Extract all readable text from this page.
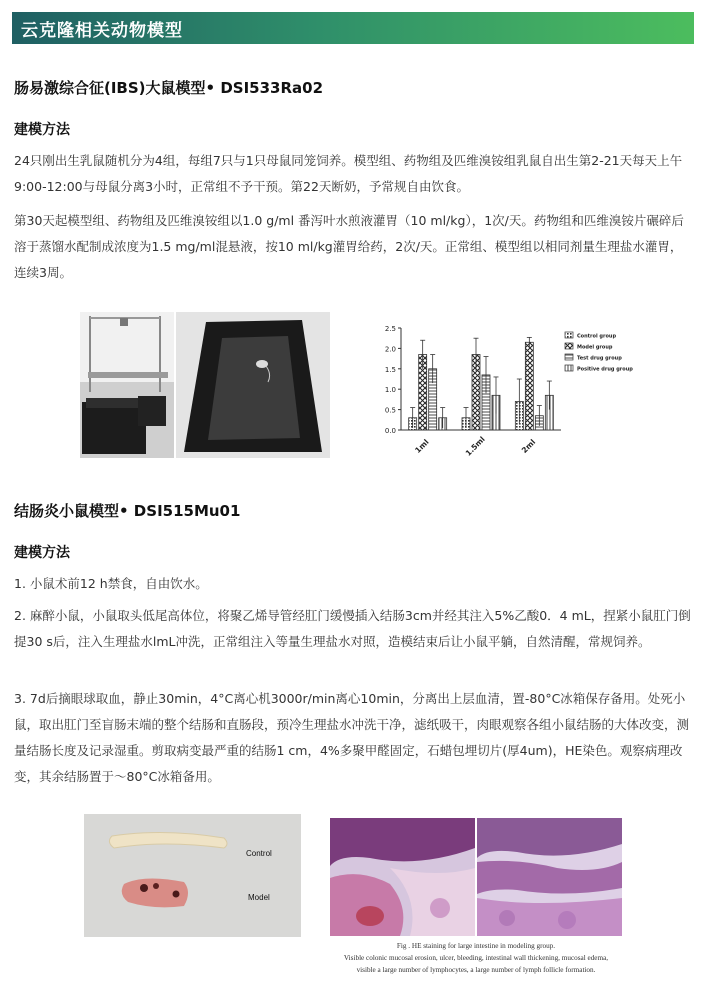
云克隆相关动物模型
肠易激综合征(IBS)大鼠模型• DSI533Ra02
建模方法

24只刚出生乳鼠随机分为4组，每组7只与1只母鼠同笼饲养。模型组、药物组及匹维溴铵组乳鼠自出生第2-21天每天上午9:00-12:00与母鼠分离3小时，正常组不予干预。第22天断奶，予常规自由饮食。

第30天起模型组、药物组及匹维溴铵组以1.0 g/ml 番泻叶水煎液灌胃（10 ml/kg），1次/天。药物组和匹维溴铵片碾碎后溶于蒸馏水配制成浓度为1.5 mg/ml混悬液，按10 ml/kg灌胃给药，2次/天。正常组、模型组以相同剂量生理盐水灌胃，连续3周。

0.0
0.5
1.0
1.5
2.0
2.5
1ml	1.5ml	2ml
Control group
Model group
Test drug group
Positive drug group
结肠炎小鼠模型• DSI515Mu01
建模方法

1. 小鼠术前12 h禁食，自由饮水。

2. 麻醉小鼠，小鼠取头低尾高体位，将聚乙烯导管经肛门缓慢插入结肠3cm并经其注入5%乙酸0．4 mL，捏紧小鼠肛门倒提30 s后，注入生理盐水lmL冲洗，正常组注入等量生理盐水对照，造模结束后让小鼠平躺，自然清醒，常规饲养。

3. 7d后摘眼球取血，静止30min，4°C离心机3000r/min离心10min，分离出上层血清，置-80°C冰箱保存备用。处死小鼠，取出肛门至盲肠末端的整个结肠和直肠段，预冷生理盐水冲洗干净，滤纸吸干，肉眼观察各组小鼠结肠的大体改变，测量结肠长度及记录湿重。剪取病变最严重的结肠1 cm，4%多聚甲醛固定，石蜡包埋切片(厚4um)，HE染色。观察病理改变，其余结肠置于～80°C冰箱备用。

Control
Model
Fig . HE staining for large intestine in modeling group.
Visible colonic mucosal erosion, ulcer, bleeding, intestinal wall thickening, mucosal edema,
visible a large number of lymphocytes, a large number of lymph follicle formation.
